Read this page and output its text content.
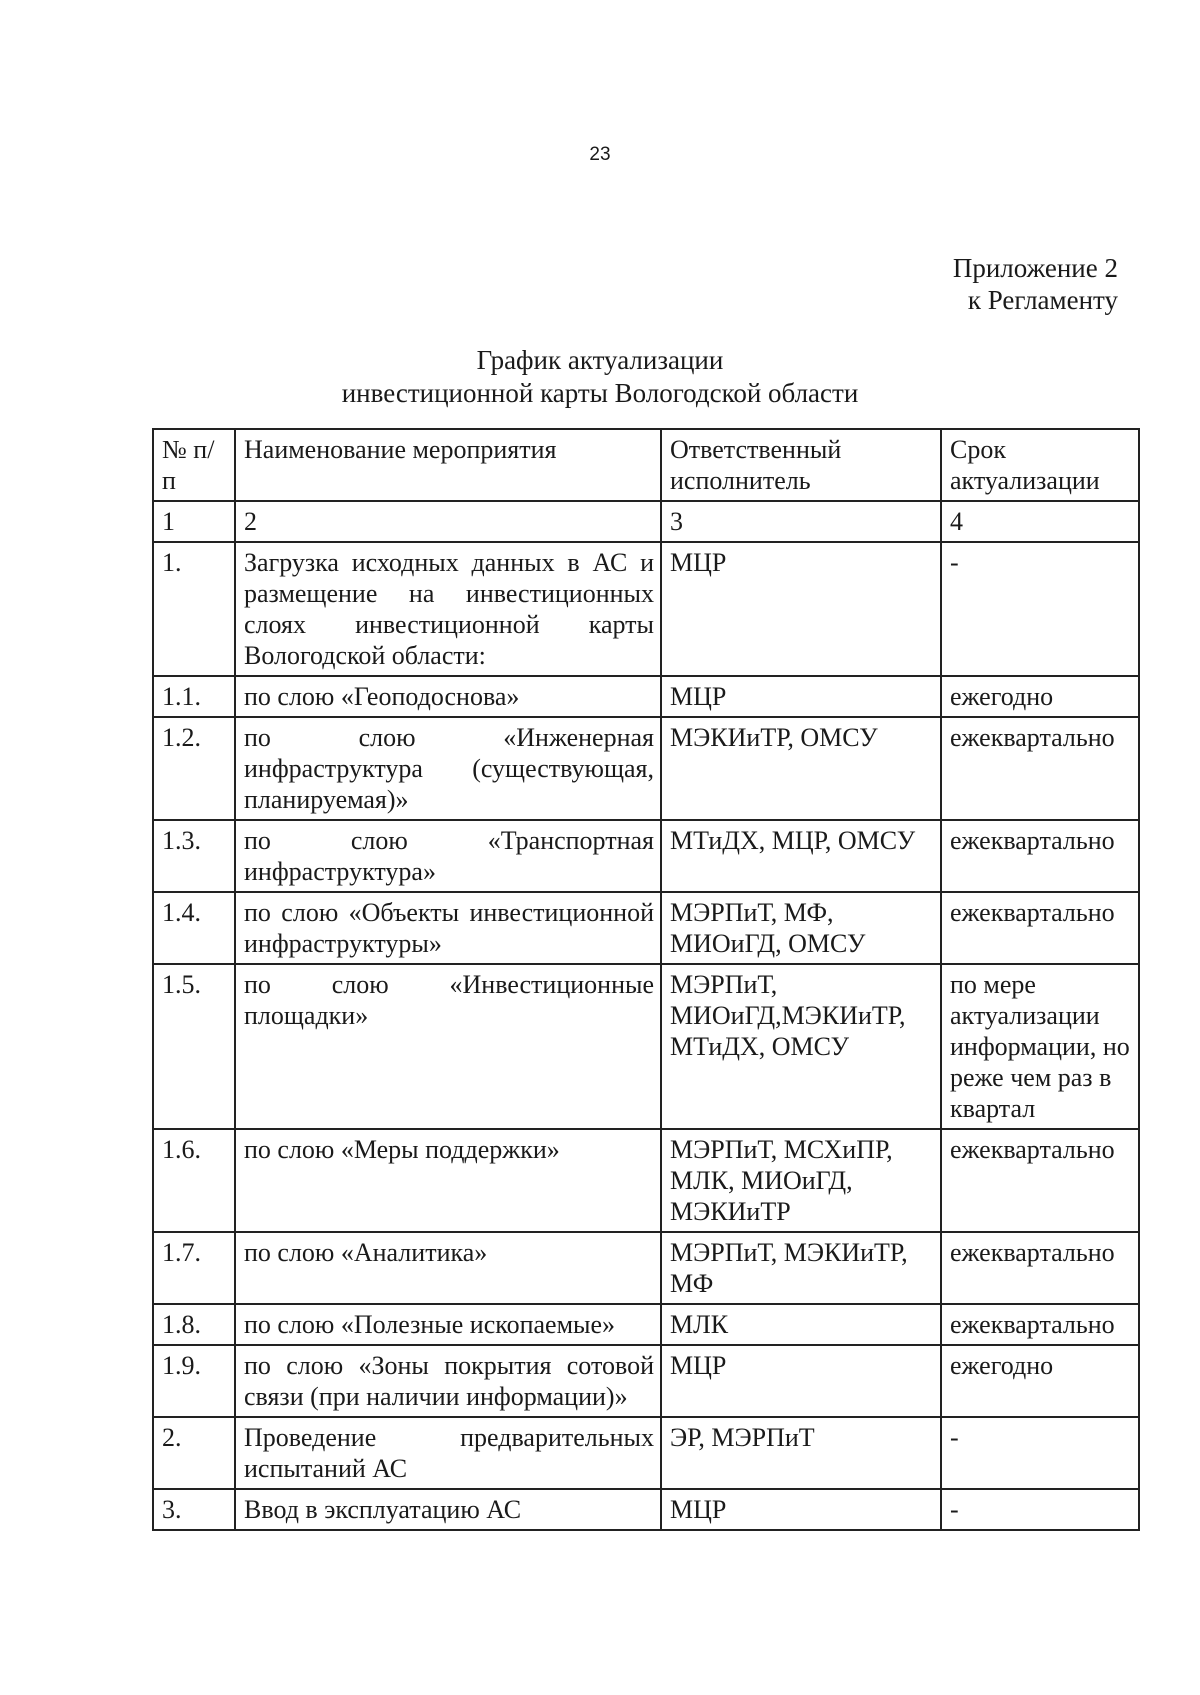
23
Приложение 2
к Регламенту
График актуализации
инвестиционной карты Вологодской области
№ п/п	Наименование мероприятия	Ответственный исполнитель	Срок актуализации
1	2	3	4
1.	Загрузка исходных данных в АС и размещение на инвестиционных слоях инвестиционной карты Вологодской области:	МЦР	-
1.1.	по слою «Геоподоснова»	МЦР	ежегодно
1.2.	по слою «Инженерная инфраструктура (существующая, планируемая)»	МЭКИиТР, ОМСУ	ежеквартально
1.3.	по слою «Транспортная инфраструктура»	МТиДХ, МЦР, ОМСУ	ежеквартально
1.4.	по слою «Объекты инвестиционной инфраструктуры»	МЭРПиТ, МФ, МИОиГД, ОМСУ	ежеквартально
1.5.	по слою «Инвестиционные площадки»	МЭРПиТ, МИОиГД,МЭКИиТР, МТиДХ, ОМСУ	по мере актуализации информации, но реже чем раз в квартал
1.6.	по слою «Меры поддержки»	МЭРПиТ, МСХиПР, МЛК, МИОиГД, МЭКИиТР	ежеквартально
1.7.	по слою «Аналитика»	МЭРПиТ, МЭКИиТР, МФ	ежеквартально
1.8.	по слою «Полезные ископаемые»	МЛК	ежеквартально
1.9.	по слою «Зоны покрытия сотовой связи (при наличии информации)»	МЦР	ежегодно
2.	Проведение предварительных испытаний АС	ЭР, МЭРПиТ	-
3.	Ввод в эксплуатацию АС	МЦР	-
